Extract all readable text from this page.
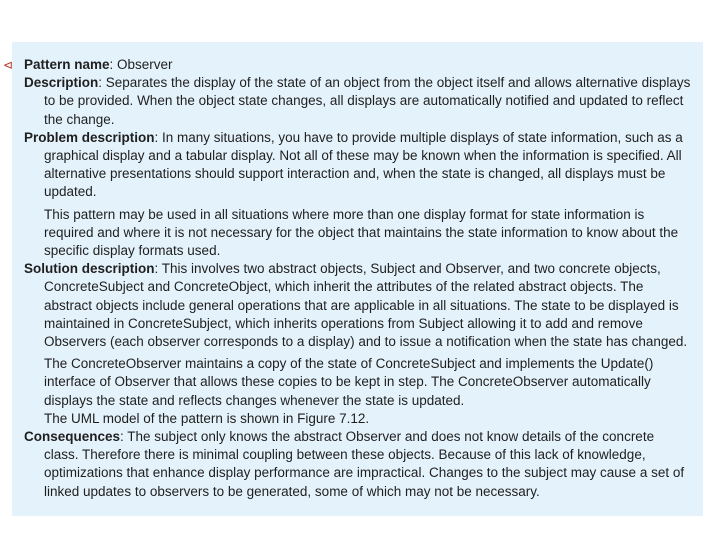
⊲ Pattern name: Observer

Description: Separates the display of the state of an object from the object itself and allows alternative displays to be provided. When the object state changes, all displays are automatically notified and updated to reflect the change.

Problem description: In many situations, you have to provide multiple displays of state information, such as a graphical display and a tabular display. Not all of these may be known when the information is specified. All alternative presentations should support interaction and, when the state is changed, all displays must be updated.

This pattern may be used in all situations where more than one display format for state information is required and where it is not necessary for the object that maintains the state information to know about the specific display formats used.

Solution description: This involves two abstract objects, Subject and Observer, and two concrete objects, ConcreteSubject and ConcreteObject, which inherit the attributes of the related abstract objects. The abstract objects include general operations that are applicable in all situations. The state to be displayed is maintained in ConcreteSubject, which inherits operations from Subject allowing it to add and remove Observers (each observer corresponds to a display) and to issue a notification when the state has changed.

The ConcreteObserver maintains a copy of the state of ConcreteSubject and implements the Update() interface of Observer that allows these copies to be kept in step. The ConcreteObserver automatically displays the state and reflects changes whenever the state is updated.

The UML model of the pattern is shown in Figure 7.12.

Consequences: The subject only knows the abstract Observer and does not know details of the concrete class. Therefore there is minimal coupling between these objects. Because of this lack of knowledge, optimizations that enhance display performance are impractical. Changes to the subject may cause a set of linked updates to observers to be generated, some of which may not be necessary.
